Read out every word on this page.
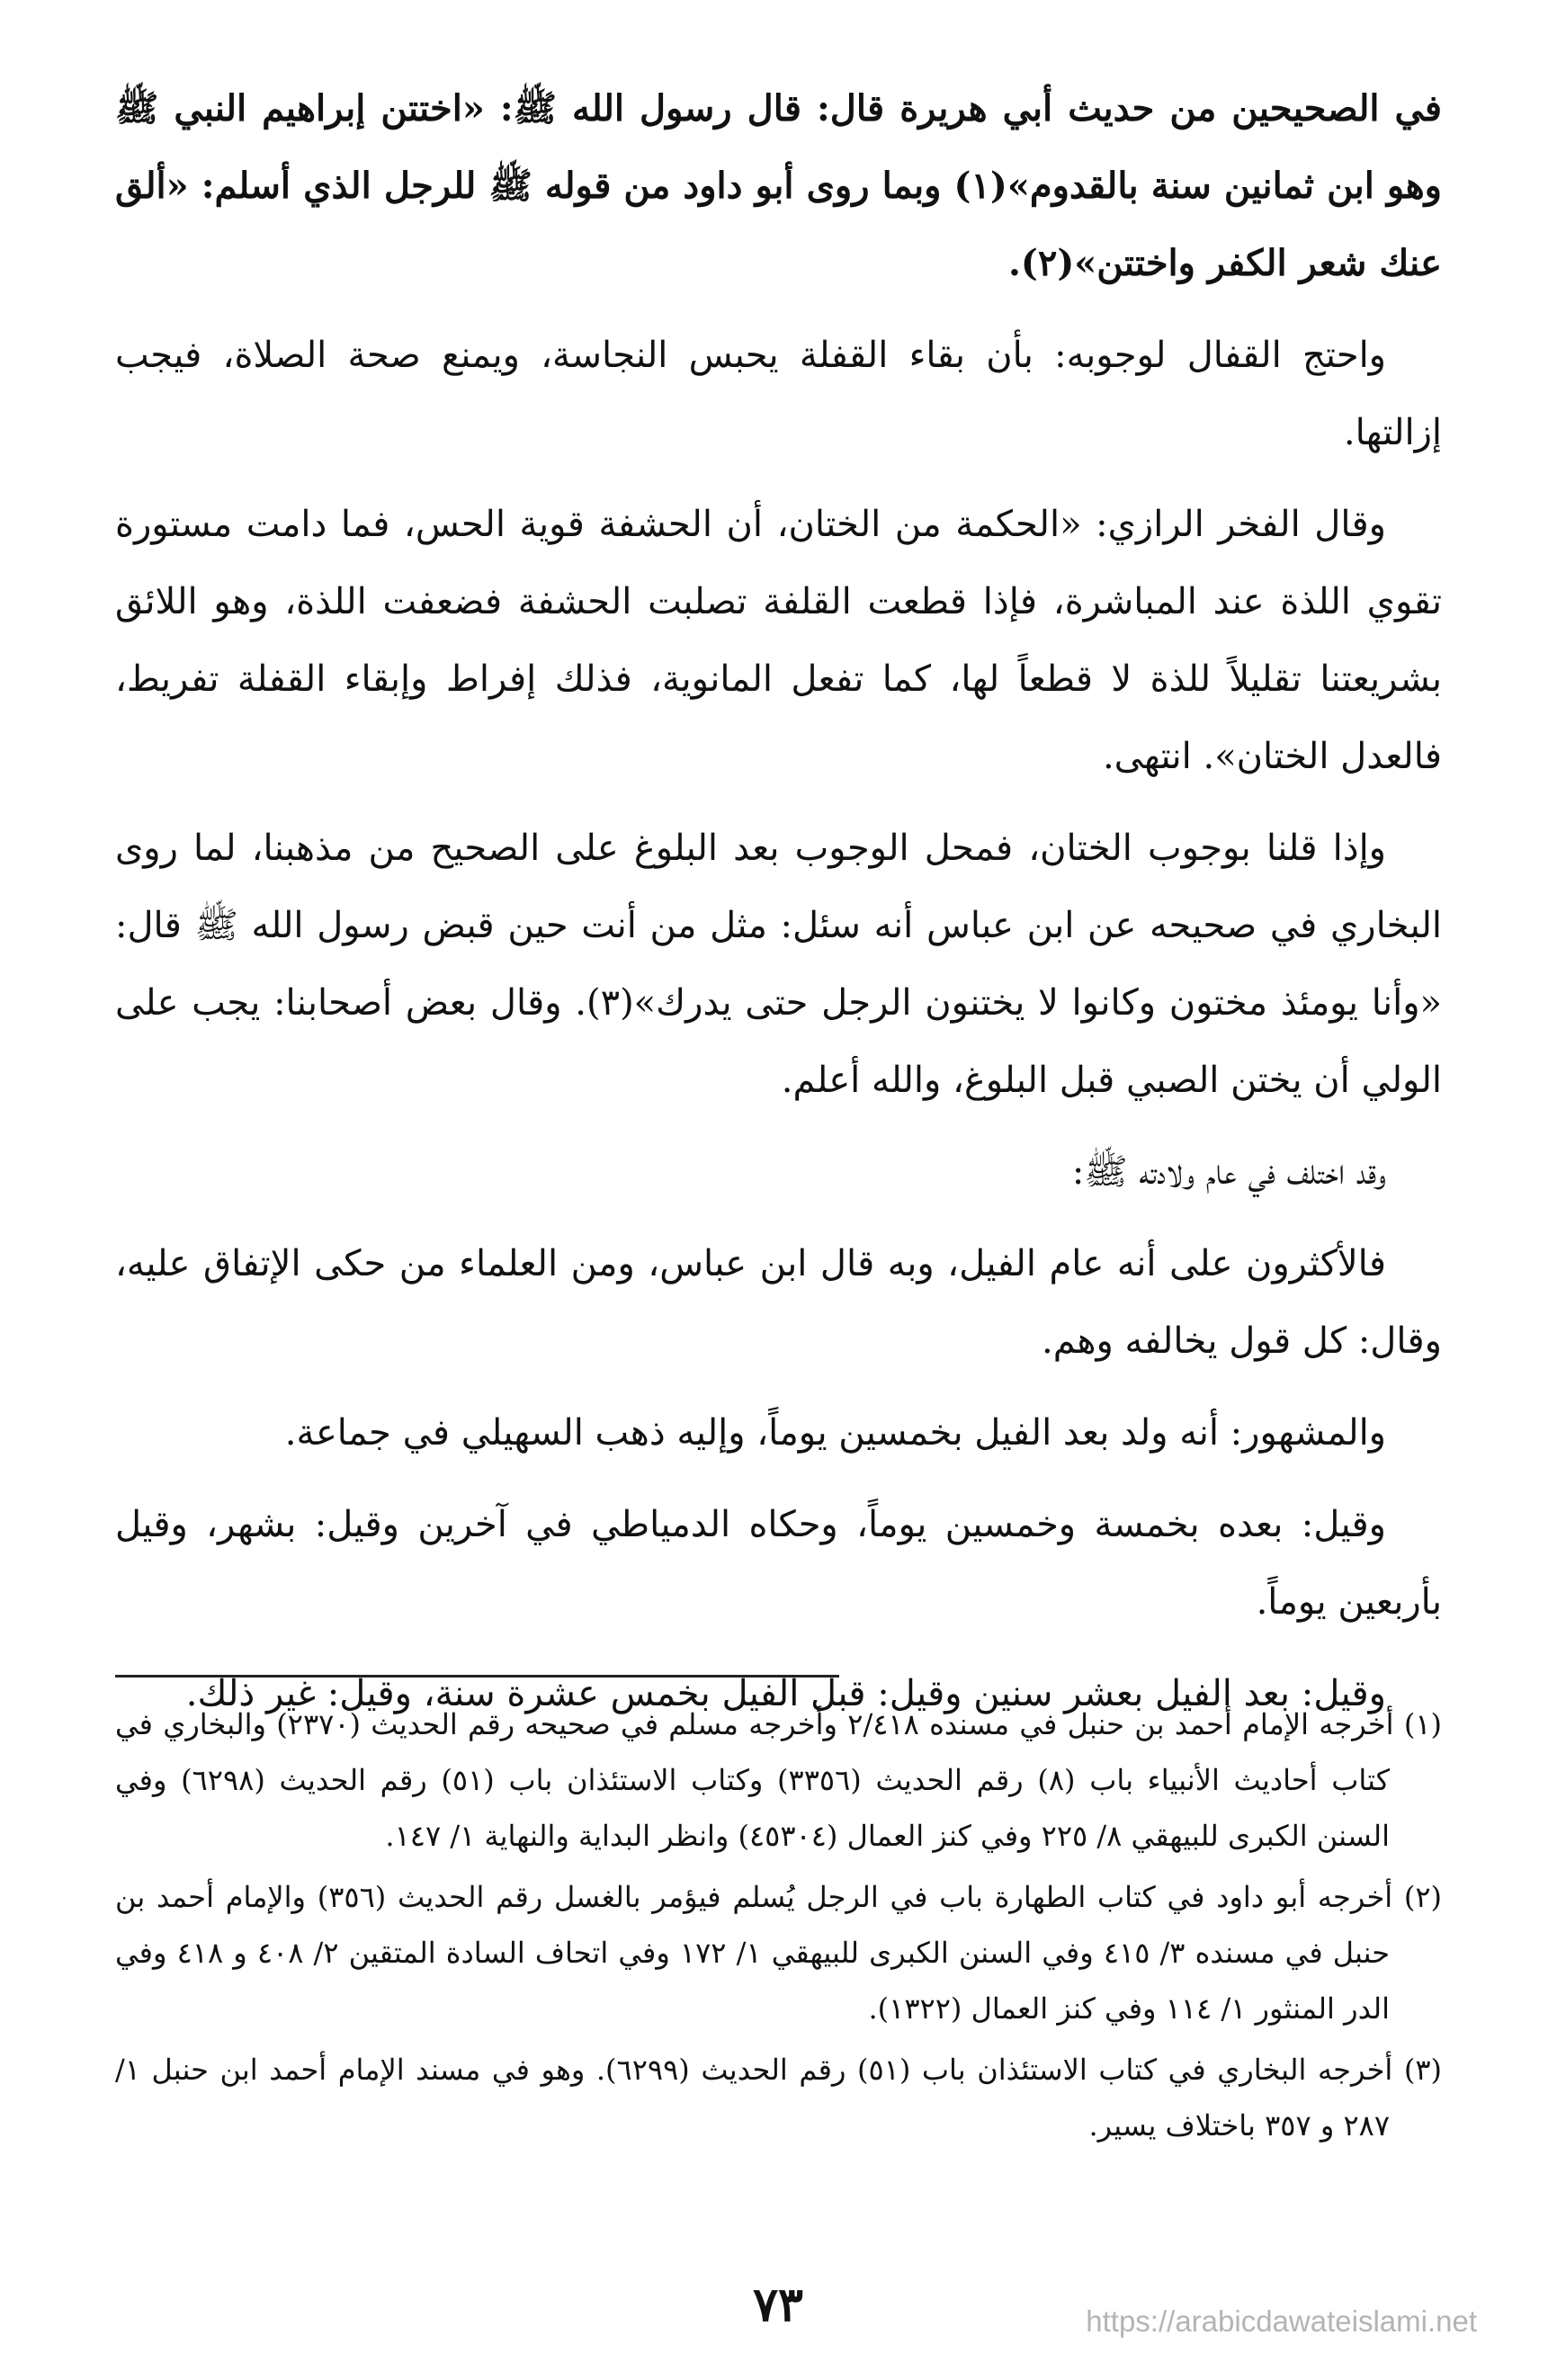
في الصحيحين من حديث أبي هريرة قال: قال رسول الله ﷺ: «اختتن إبراهيم النبي ﷺ وهو ابن ثمانين سنة بالقدوم»(١) وبما روى أبو داود من قوله ﷺ للرجل الذي أسلم: «ألق عنك شعر الكفر واختتن»(٢).

واحتج القفال لوجوبه: بأن بقاء القفلة يحبس النجاسة، ويمنع صحة الصلاة، فيجب إزالتها.

وقال الفخر الرازي: «الحكمة من الختان، أن الحشفة قوية الحس، فما دامت مستورة تقوي اللذة عند المباشرة، فإذا قطعت القلفة تصلبت الحشفة فضعفت اللذة، وهو اللائق بشريعتنا تقليلاً للذة لا قطعاً لها، كما تفعل المانوية، فذلك إفراط وإبقاء القفلة تفريط، فالعدل الختان». انتهى.

وإذا قلنا بوجوب الختان، فمحل الوجوب بعد البلوغ على الصحيح من مذهبنا، لما روى البخاري في صحيحه عن ابن عباس أنه سئل: مثل من أنت حين قبض رسول الله ﷺ قال: «وأنا يومئذ مختون وكانوا لا يختنون الرجل حتى يدرك»(٣). وقال بعض أصحابنا: يجب على الولي أن يختن الصبي قبل البلوغ، والله أعلم.

وقد اختلف في عام ولادته ﷺ:

فالأكثرون على أنه عام الفيل، وبه قال ابن عباس، ومن العلماء من حكى الإتفاق عليه، وقال: كل قول يخالفه وهم.

والمشهور: أنه ولد بعد الفيل بخمسين يوماً، وإليه ذهب السهيلي في جماعة.

وقيل: بعده بخمسة وخمسين يوماً، وحكاه الدمياطي في آخرين وقيل: بشهر، وقيل بأربعين يوماً.

وقيل: بعد الفيل بعشر سنين وقيل: قبل الفيل بخمس عشرة سنة، وقيل: غير ذلك.

(١) أخرجه الإمام أحمد بن حنبل في مسنده ٢/٤١٨ وأخرجه مسلم في صحيحه رقم الحديث (٢٣٧٠) والبخاري في كتاب أحاديث الأنبياء باب (٨) رقم الحديث (٣٣٥٦) وكتاب الاستئذان باب (٥١) رقم الحديث (٦٢٩٨) وفي السنن الكبرى للبيهقي ٨/ ٢٢٥ وفي كنز العمال (٤٥٣٠٤) وانظر البداية والنهاية ١/ ١٤٧.

(٢) أخرجه أبو داود في كتاب الطهارة باب في الرجل يُسلم فيؤمر بالغسل رقم الحديث (٣٥٦) والإمام أحمد بن حنبل في مسنده ٣/ ٤١٥ وفي السنن الكبرى للبيهقي ١/ ١٧٢ وفي اتحاف السادة المتقين ٢/ ٤٠٨ و ٤١٨ وفي الدر المنثور ١/ ١١٤ وفي كنز العمال (١٣٢٢).

(٣) أخرجه البخاري في كتاب الاستئذان باب (٥١) رقم الحديث (٦٢٩٩). وهو في مسند الإمام أحمد ابن حنبل ١/ ٢٨٧ و ٣٥٧ باختلاف يسير.

٧٣	https://arabicdawateislami.net
